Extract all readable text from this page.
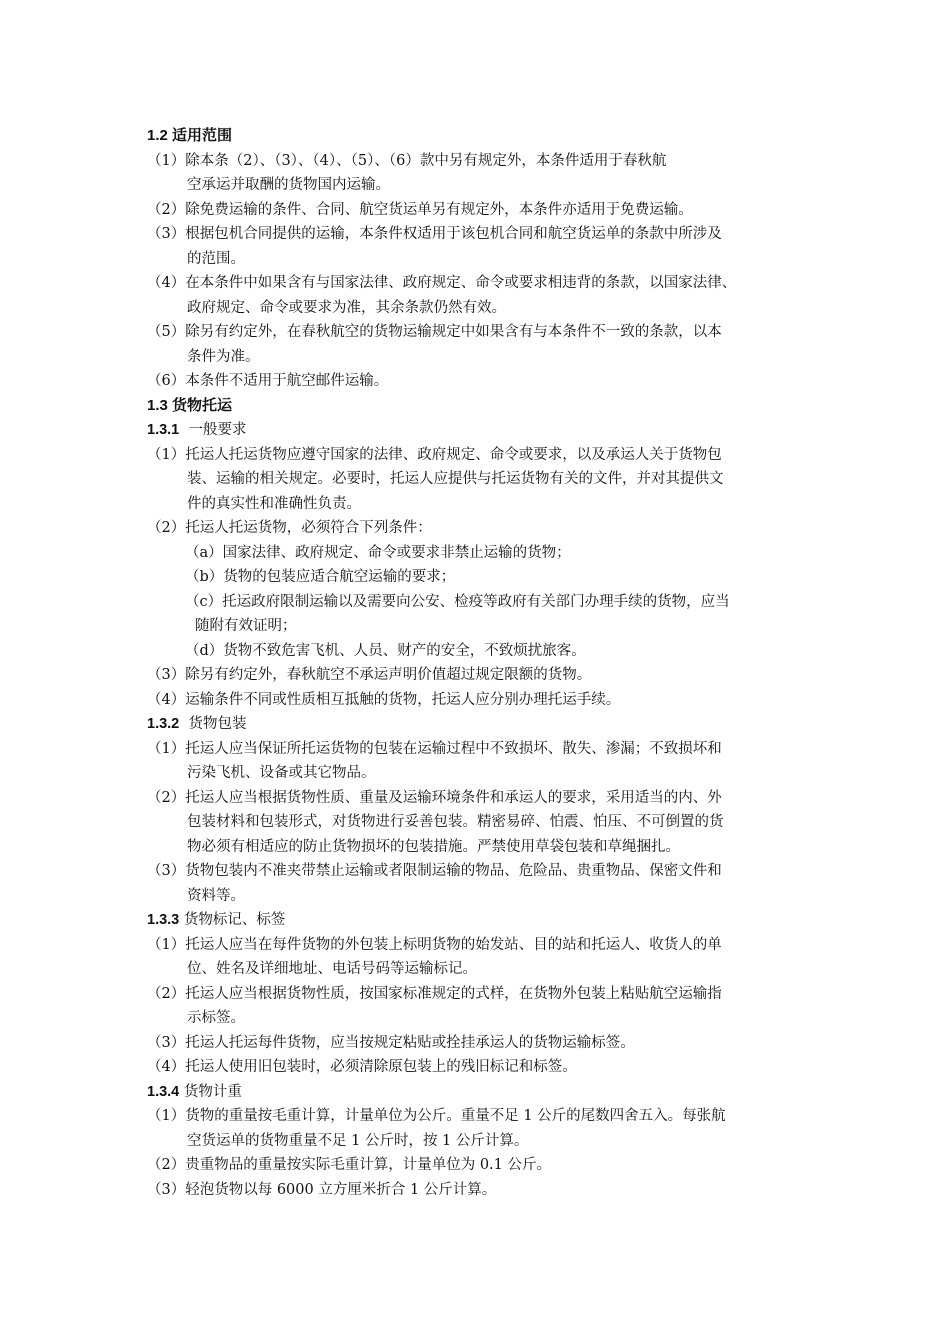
1.2 适用范围
（1）除本条（2）、（3）、（4）、（5）、（6）款中另有规定外，本条件适用于春秋航
空承运并取酬的货物国内运输。
（2）除免费运输的条件、合同、航空货运单另有规定外，本条件亦适用于免费运输。
（3）根据包机合同提供的运输，本条件权适用于该包机合同和航空货运单的条款中所涉及
的范围。
（4）在本条件中如果含有与国家法律、政府规定、命令或要求相违背的条款，以国家法律、
政府规定、命令或要求为准，其余条款仍然有效。
（5）除另有约定外，在春秋航空的货物运输规定中如果含有与本条件不一致的条款，以本
条件为准。
（6）本条件不适用于航空邮件运输。
1.3 货物托运
1.3.1 一般要求
（1）托运人托运货物应遵守国家的法律、政府规定、命令或要求，以及承运人关于货物包
装、运输的相关规定。必要时，托运人应提供与托运货物有关的文件，并对其提供文
件的真实性和准确性负责。
（2）托运人托运货物，必须符合下列条件：
（a）国家法律、政府规定、命令或要求非禁止运输的货物；
（b）货物的包装应适合航空运输的要求；
（c）托运政府限制运输以及需要向公安、检疫等政府有关部门办理手续的货物，应当
随附有效证明；
（d）货物不致危害飞机、人员、财产的安全，不致烦扰旅客。
（3）除另有约定外，春秋航空不承运声明价值超过规定限额的货物。
（4）运输条件不同或性质相互抵触的货物，托运人应分别办理托运手续。
1.3.2 货物包装
（1）托运人应当保证所托运货物的包装在运输过程中不致损坏、散失、渗漏；不致损坏和
污染飞机、设备或其它物品。
（2）托运人应当根据货物性质、重量及运输环境条件和承运人的要求，采用适当的内、外
包装材料和包装形式，对货物进行妥善包装。精密易碎、怕震、怕压、不可倒置的货
物必须有相适应的防止货物损坏的包装措施。严禁使用草袋包装和草绳捆扎。
（3）货物包装内不准夹带禁止运输或者限制运输的物品、危险品、贵重物品、保密文件和
资料等。
1.3.3 货物标记、标签
（1）托运人应当在每件货物的外包装上标明货物的始发站、目的站和托运人、收货人的单
位、姓名及详细地址、电话号码等运输标记。
（2）托运人应当根据货物性质，按国家标准规定的式样，在货物外包装上粘贴航空运输指
示标签。
（3）托运人托运每件货物，应当按规定粘贴或拴挂承运人的货物运输标签。
（4）托运人使用旧包装时，必须清除原包装上的残旧标记和标签。
1.3.4 货物计重
（1）货物的重量按毛重计算，计量单位为公斤。重量不足 1 公斤的尾数四舍五入。每张航
空货运单的货物重量不足 1 公斤时，按 1 公斤计算。
（2）贵重物品的重量按实际毛重计算，计量单位为 0.1 公斤。
（3）轻泡货物以每 6000 立方厘米折合 1 公斤计算。
